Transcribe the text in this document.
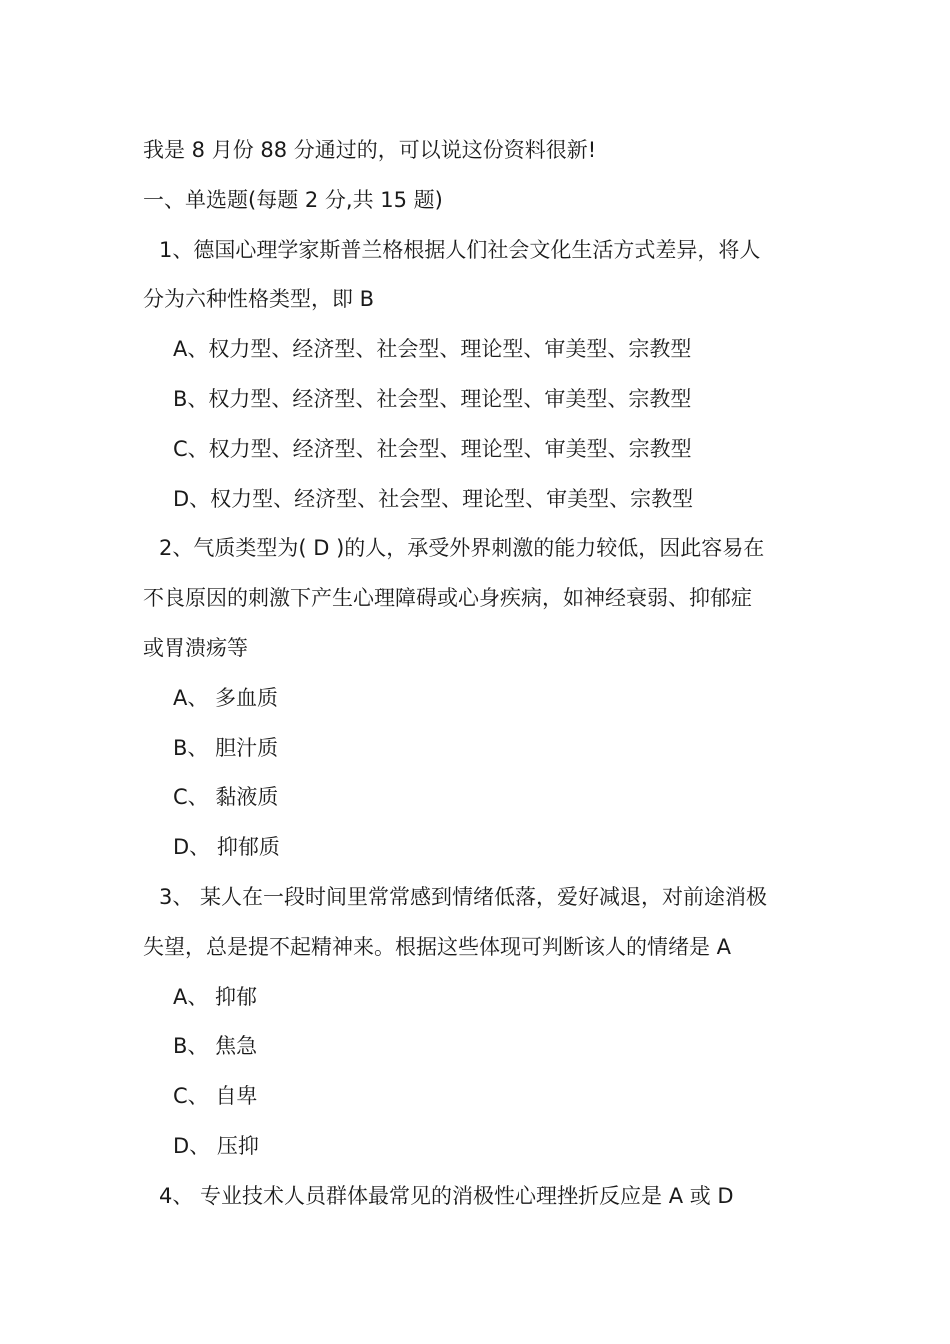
我是 8 月份 88 分通过的，可以说这份资料很新!
一、单选题(每题 2 分,共 15 题)
1、德国心理学家斯普兰格根据人们社会文化生活方式差异，将人
分为六种性格类型，即 B
A、权力型、经济型、社会型、理论型、审美型、宗教型
B、权力型、经济型、社会型、理论型、审美型、宗教型
C、权力型、经济型、社会型、理论型、审美型、宗教型
D、权力型、经济型、社会型、理论型、审美型、宗教型
2、气质类型为( D )的人，承受外界刺激的能力较低，因此容易在
不良原因的刺激下产生心理障碍或心身疾病，如神经衰弱、抑郁症
或胃溃疡等
A、 多血质
B、 胆汁质
C、 黏液质
D、 抑郁质
3、 某人在一段时间里常常感到情绪低落，爱好减退，对前途消极
失望，总是提不起精神来。根据这些体现可判断该人的情绪是 A
A、 抑郁
B、 焦急
C、 自卑
D、 压抑
4、 专业技术人员群体最常见的消极性心理挫折反应是 A 或 D
